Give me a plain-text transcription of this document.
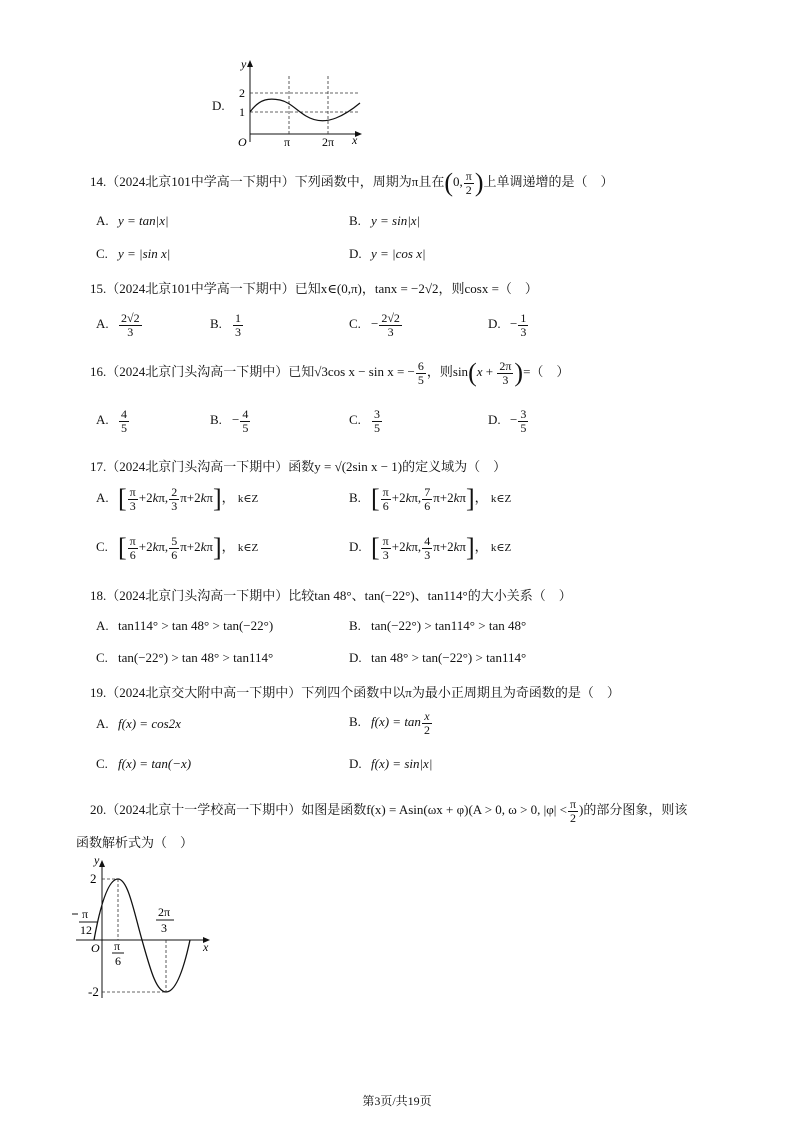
D.
y
x
O
2
1
π	2π
14.（2024北京101中学高一下期中）下列函数中，周期为π且在(0, $\frac{\pi}{2}$ )上单调递增的是（　）
A. y = tan|x|	B. y = sin|x|
C. y = |sin x|	D. y = |cos x|
15.（2024北京101中学高一下期中）已知x∈(0,π)，tanx = −2√2，则cosx =（　）
A. $\frac{2√2}{3}$	B. $\frac{1}{3}$	C. − $\frac{2√2}{3}$	D. − $\frac{1}{3}$
16.（2024北京门头沟高一下期中）已知√3cos x − sin x = − $\frac{6}{5}$ ，则$\sin(x + \frac{2\pi}{3}$ )=（　）
A. $\frac{4}{5}$	B. − $\frac{4}{5}$	C. $\frac{3}{5}$	D. − $\frac{3}{5}$
17.（2024北京门头沟高一下期中）函数y = √(2sin x − 1)的定义域为（　）
A. [ $\frac{\pi}{3} +2k\pi$, $\frac{2}{3} \pi+2k\pi$]， k∈Z	B. [ $\frac{\pi}{6} +2k\pi$, $\frac{7}{6} \pi+2k\pi$]， k∈Z
C. [ $\frac{\pi}{6} +2k\pi$, $\frac{5}{6} \pi+2k\pi$]， k∈Z	D. [ $\frac{\pi}{3} +2k\pi$, $\frac{4}{3} \pi+2k\pi$]， k∈Z
18.（2024北京门头沟高一下期中）比较tan 48°、tan(−22°)、tan114°的大小关系（　）
A. tan114° > tan 48° > tan(−22°)	B. tan(−22°) > tan114° > tan 48°
C. tan(−22°) > tan 48° > tan114°	D. tan 48° > tan(−22°) > tan114°
19.（2024北京交大附中高一下期中）下列四个函数中以π为最小正周期且为奇函数的是（　）
A. f(x) = cos2x	B. $f(x) = \tan \frac{x}{2}$
C. f(x) = tan(−x)	D. f(x) = sin|x|
20.（2024北京十一学校高一下期中）如图是函数f(x) = Asin(ωx + φ)(A > 0, ω > 0, $|\varphi| < \frac{\pi}{2}$ )的部分图象，则该
函数解析式为（　）
y
x
O
2
-2
π
12
π
6
2π
3
第3页/共19页
